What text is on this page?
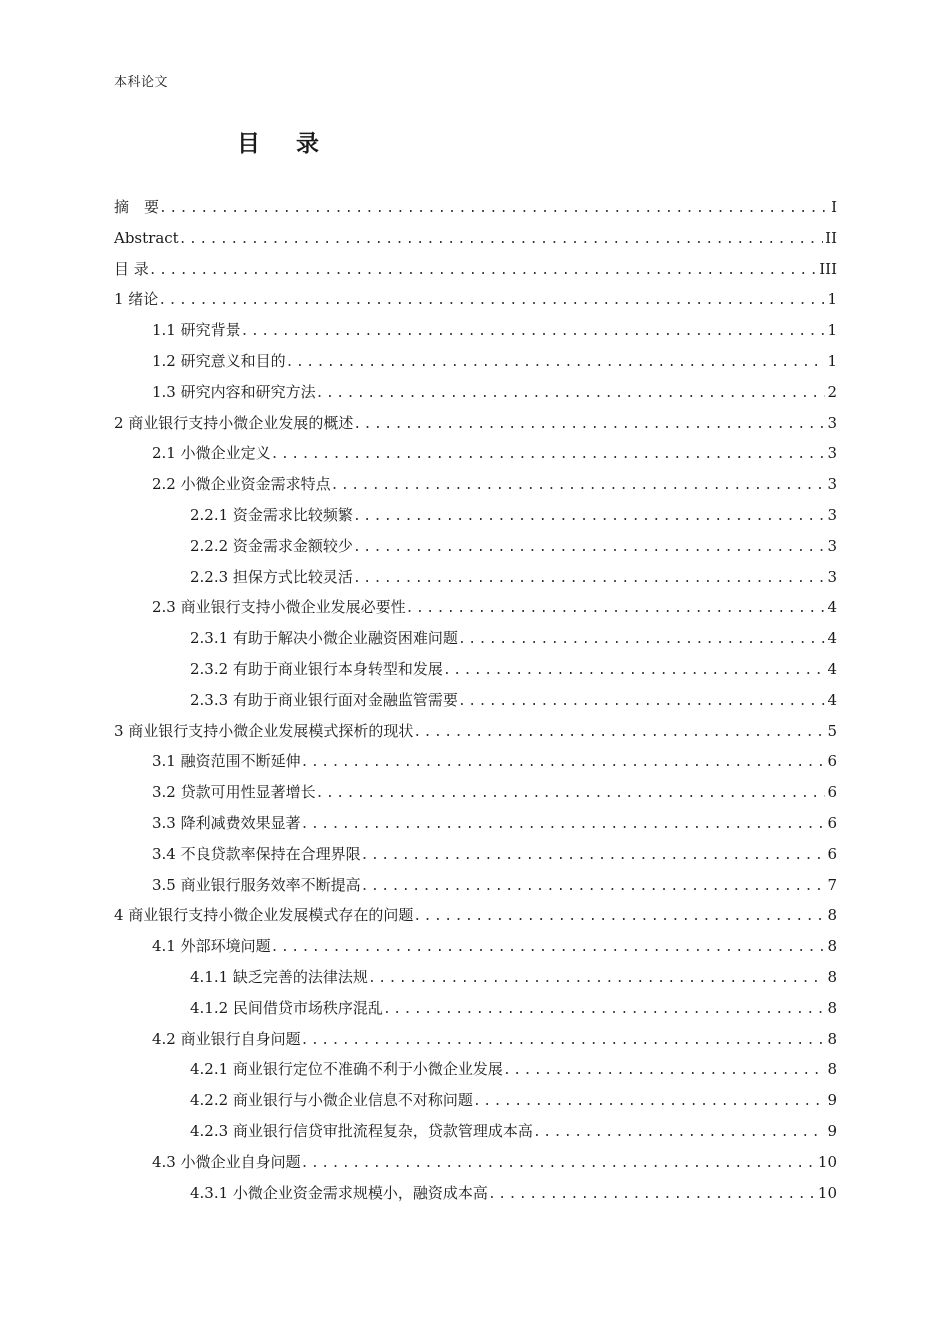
本科论文
目 录
摘　要 .....	I
Abstract .....	II
目 录 .....	III
1 绪论 .....	1
1.1 研究背景 .....	1
1.2 研究意义和目的 .....	1
1.3 研究内容和研究方法 .....	2
2 商业银行支持小微企业发展的概述 .....	3
2.1 小微企业定义 .....	3
2.2 小微企业资金需求特点 .....	3
2.2.1 资金需求比较频繁 .....	3
2.2.2 资金需求金额较少 .....	3
2.2.3 担保方式比较灵活 .....	3
2.3 商业银行支持小微企业发展必要性 .....	4
2.3.1 有助于解决小微企业融资困难问题 .....	4
2.3.2 有助于商业银行本身转型和发展 .....	4
2.3.3 有助于商业银行面对金融监管需要 .....	4
3 商业银行支持小微企业发展模式探析的现状 .....	5
3.1 融资范围不断延伸 .....	6
3.2 贷款可用性显著增长 .....	6
3.3 降利减费效果显著 .....	6
3.4 不良贷款率保持在合理界限 .....	6
3.5 商业银行服务效率不断提高 .....	7
4 商业银行支持小微企业发展模式存在的问题 .....	8
4.1 外部环境问题 .....	8
4.1.1 缺乏完善的法律法规 .....	8
4.1.2 民间借贷市场秩序混乱 .....	8
4.2 商业银行自身问题 .....	8
4.2.1 商业银行定位不准确不利于小微企业发展 .....	8
4.2.2 商业银行与小微企业信息不对称问题 .....	9
4.2.3 商业银行信贷审批流程复杂，贷款管理成本高 .....	9
4.3 小微企业自身问题 .....	10
4.3.1 小微企业资金需求规模小，融资成本高 .....	10
